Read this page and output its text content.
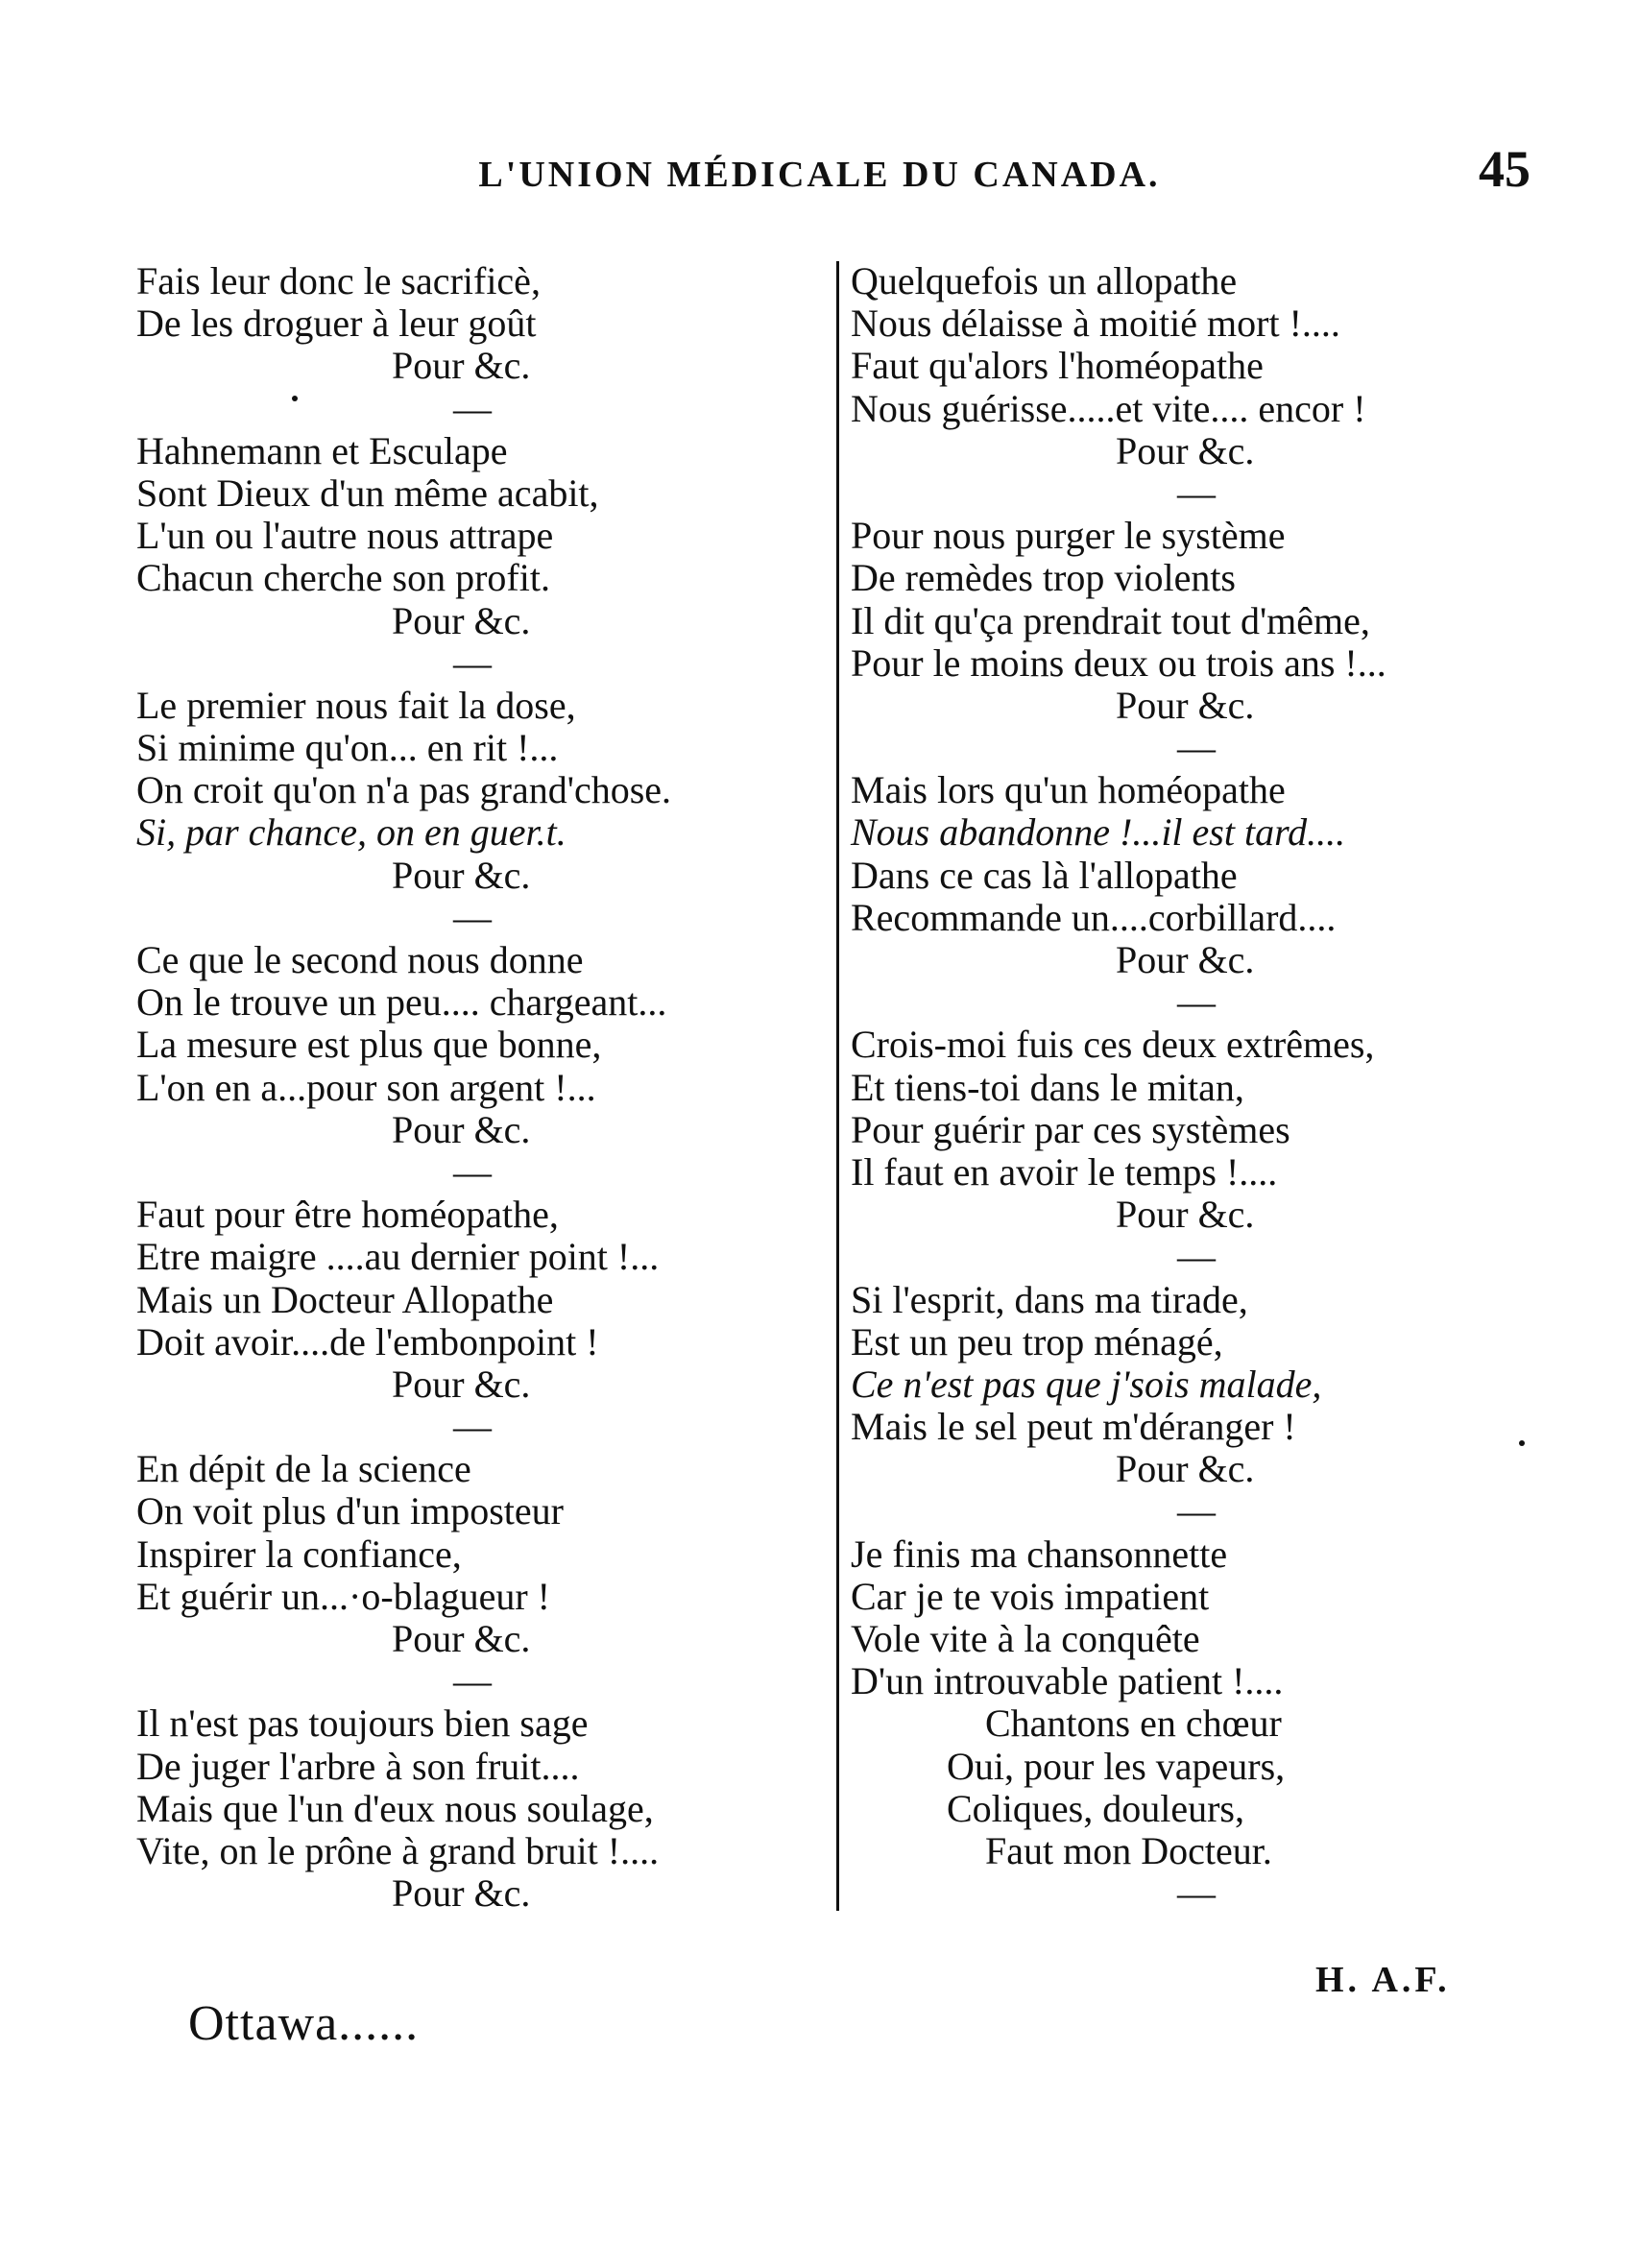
L'UNION MÉDICALE DU CANADA.	45
Fais leur donc le sacrificè,
De les droguer à leur goût
Pour &c.
—
Hahnemann et Esculape
Sont Dieux d'un même acabit,
L'un ou l'autre nous attrape
Chacun cherche son profit.
Pour &c.
—
Le premier nous fait la dose,
Si minime qu'on... en rit !...
On croit qu'on n'a pas grand'chose.
Si, par chance, on en guer.t.
Pour &c.
—
Ce que le second nous donne
On le trouve un peu.... chargeant...
La mesure est plus que bonne,
L'on en a...pour son argent !...
Pour &c.
—
Faut pour être homéopathe,
Etre maigre ....au dernier point !...
Mais un Docteur Allopathe
Doit avoir....de l'embonpoint !
Pour &c.
—
En dépit de la science
On voit plus d'un imposteur
Inspirer la confiance,
Et guérir un...·o-blagueur !
Pour &c.
—
Il n'est pas toujours bien sage
De juger l'arbre à son fruit....
Mais que l'un d'eux nous soulage,
Vite, on le prône à grand bruit !....
Pour &c.
Quelquefois un allopathe
Nous délaisse à moitié mort !....
Faut qu'alors l'homéopathe
Nous guérisse.....et vite.... encor !
Pour &c.
—
Pour nous purger le système
De remèdes trop violents
Il dit qu'ça prendrait tout d'même,
Pour le moins deux ou trois ans !...
Pour &c.
—
Mais lors qu'un homéopathe
Nous abandonne !...il est tard....
Dans ce cas là l'allopathe
Recommande un....corbillard....
Pour &c.
—
Crois-moi fuis ces deux extrêmes,
Et tiens-toi dans le mitan,
Pour guérir par ces systèmes
Il faut en avoir le temps !....
Pour &c.
—
Si l'esprit, dans ma tirade,
Est un peu trop ménagé,
Ce n'est pas que j'sois malade,
Mais le sel peut m'déranger !
Pour &c.
—
Je finis ma chansonnette
Car je te vois impatient
Vole vite à la conquête
D'un introuvable patient !....
Chantons en chœur
Oui, pour les vapeurs,
Coliques, douleurs,
Faut mon Docteur.
—
H. A.F.
Ottawa......
